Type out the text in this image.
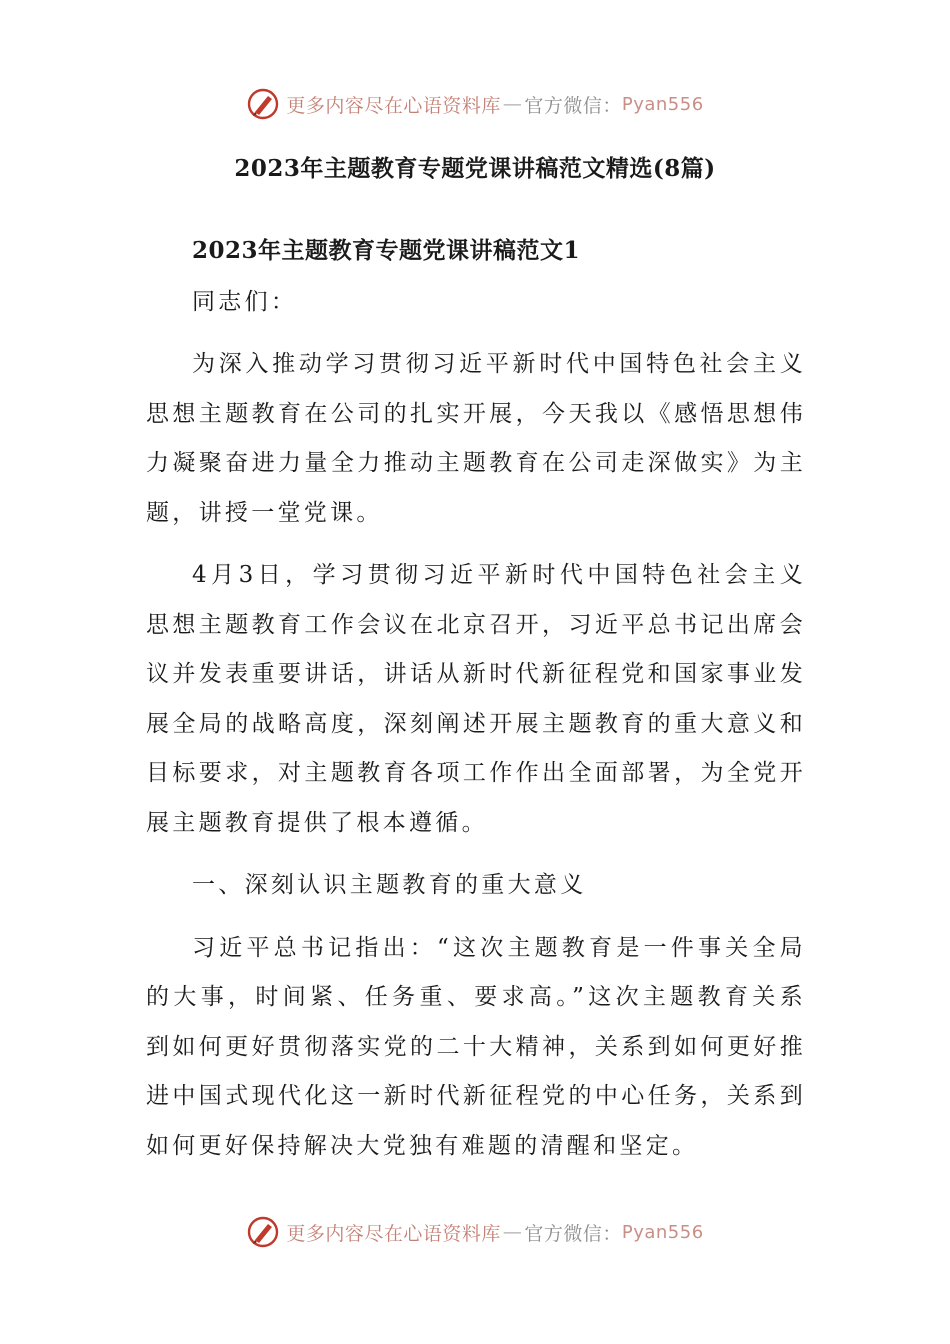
更多内容尽在心语资料库 — 官方微信： Pyan556
2023年主题教育专题党课讲稿范文精选(8篇)

2023年主题教育专题党课讲稿范文1

同志们：

为深入推动学习贯彻习近平新时代中国特色社会主义思想主题教育在公司的扎实开展，今天我以《感悟思想伟力凝聚奋进力量全力推动主题教育在公司走深做实》为主题，讲授一堂党课。

4月3日，学习贯彻习近平新时代中国特色社会主义思想主题教育工作会议在北京召开，习近平总书记出席会议并发表重要讲话，讲话从新时代新征程党和国家事业发展全局的战略高度，深刻阐述开展主题教育的重大意义和目标要求，对主题教育各项工作作出全面部署，为全党开展主题教育提供了根本遵循。

一、深刻认识主题教育的重大意义

习近平总书记指出：“这次主题教育是一件事关全局的大事，时间紧、任务重、要求高。”这次主题教育关系到如何更好贯彻落实党的二十大精神，关系到如何更好推进中国式现代化这一新时代新征程党的中心任务，关系到如何更好保持解决大党独有难题的清醒和坚定。

更多内容尽在心语资料库 — 官方微信： Pyan556
